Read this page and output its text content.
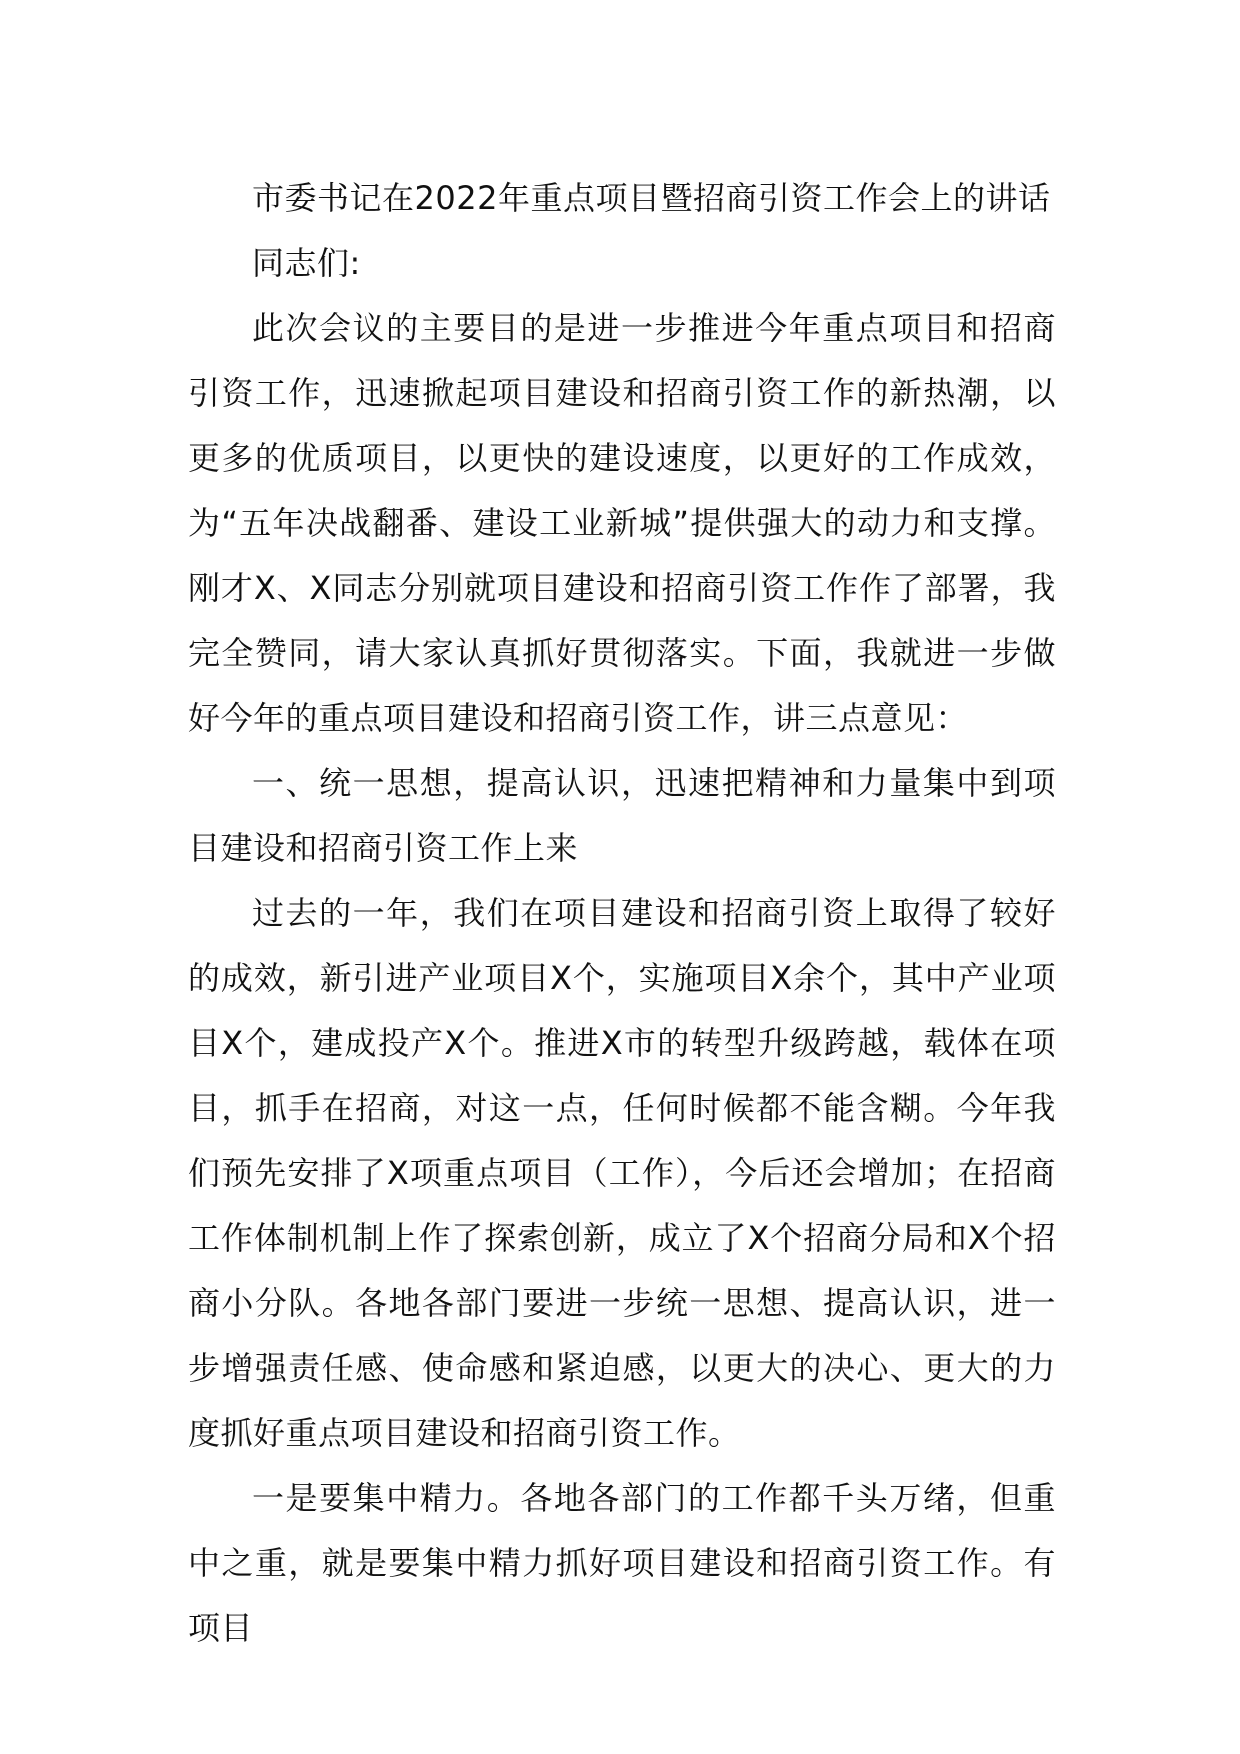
市委书记在2022年重点项目暨招商引资工作会上的讲话

同志们:

此次会议的主要目的是进一步推进今年重点项目和招商引资工作，迅速掀起项目建设和招商引资工作的新热潮，以更多的优质项目，以更快的建设速度，以更好的工作成效，为“五年决战翻番、建设工业新城”提供强大的动力和支撑。刚才X、X同志分别就项目建设和招商引资工作作了部署，我完全赞同，请大家认真抓好贯彻落实。下面，我就进一步做好今年的重点项目建设和招商引资工作，讲三点意见：

一、统一思想，提高认识，迅速把精神和力量集中到项目建设和招商引资工作上来

过去的一年，我们在项目建设和招商引资上取得了较好的成效，新引进产业项目X个，实施项目X余个，其中产业项目X个，建成投产X个。推进X市的转型升级跨越，载体在项目，抓手在招商，对这一点，任何时候都不能含糊。今年我们预先安排了X项重点项目（工作），今后还会增加；在招商工作体制机制上作了探索创新，成立了X个招商分局和X个招商小分队。各地各部门要进一步统一思想、提高认识，进一步增强责任感、使命感和紧迫感，以更大的决心、更大的力度抓好重点项目建设和招商引资工作。

一是要集中精力。各地各部门的工作都千头万绪，但重中之重，就是要集中精力抓好项目建设和招商引资工作。有项目
